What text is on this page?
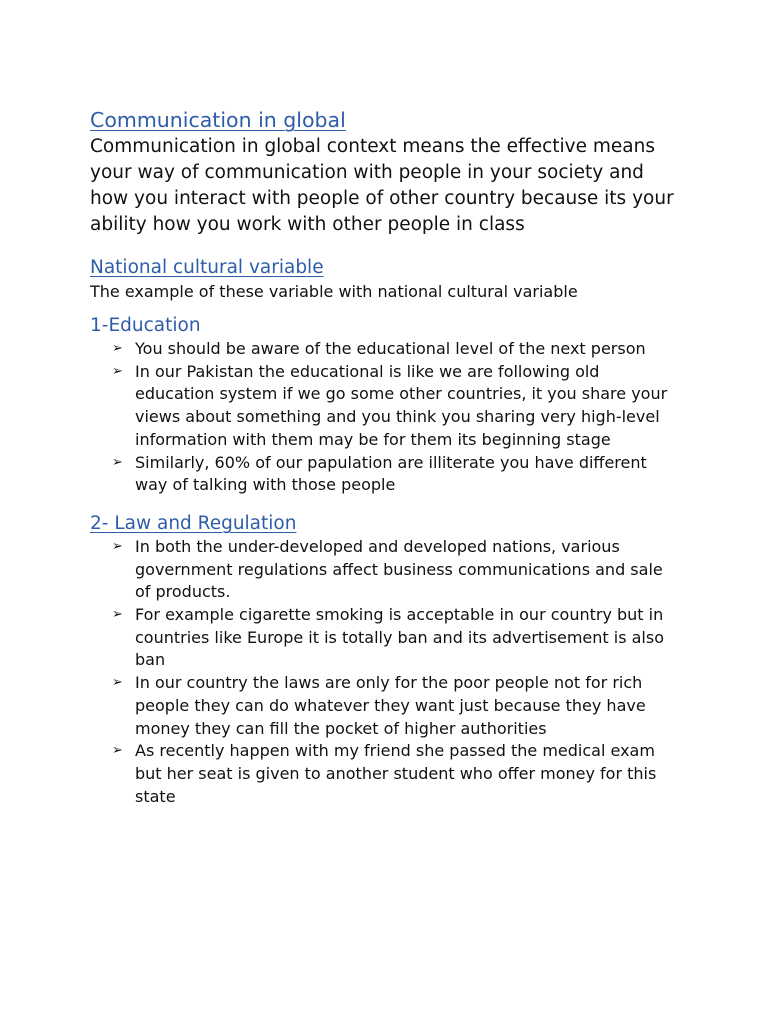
Communication in global

Communication in global context means the effective means your way of communication with people in your society and how you interact with people of other country because its your ability how you work with other people in class

National cultural variable

The example of these variable with national cultural variable

1-Education
➢ You should be aware of the educational level of the next person
➢ In our Pakistan the educational is like we are following old education system if we go some other countries, it you share your views about something and you think you sharing very high-level information with them may be for them its beginning stage
➢ Similarly, 60% of our papulation are illiterate you have different way of talking with those people
2- Law and Regulation
➢ In both the under-developed and developed nations, various government regulations affect business communications and sale of products.
➢ For example cigarette smoking is acceptable in our country but in countries like Europe it is totally ban and its advertisement is also ban
➢ In our country the laws are only for the poor people not for rich people they can do whatever they want just because they have money they can fill the pocket of higher authorities
➢ As recently happen with my friend she passed the medical exam but her seat is given to another student who offer money for this state
